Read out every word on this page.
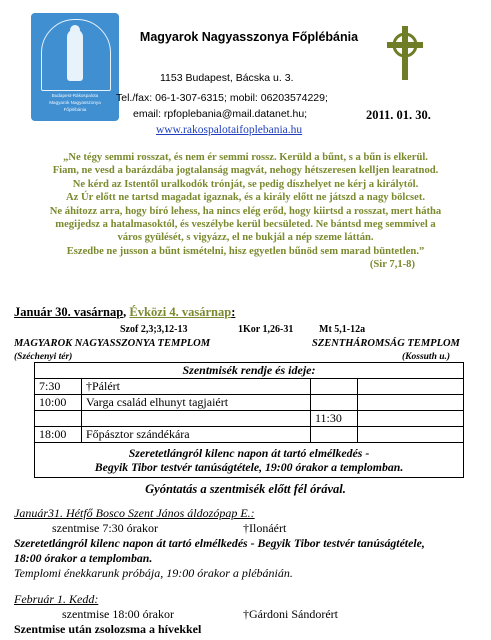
Budapest-Rákospalota
Magyarok Nagyasszonya
Főplébánia
Magyarok Nagyasszonya Főplébánia
1153 Budapest, Bácska u. 3.
Tel./fax: 06-1-307-6315; mobil: 06203574229;
email: rpfoplebania@mail.datanet.hu;
www.rakospalotaifoplebania.hu
2011. 01. 30.
„Ne tégy semmi rosszat, és nem ér semmi rossz. Kerüld a bűnt, s a bűn is elkerül.
Fiam, ne vesd a barázdába jogtalanság magvát, nehogy hétszeresen kelljen learatnod.
Ne kérd az Istentől uralkodók trónját, se pedig díszhelyet ne kérj a királytól.
Az Úr előtt ne tartsd magadat igaznak, és a király előtt ne játszd a nagy bölcset.
Ne áhítozz arra, hogy bíró lehess, ha nincs elég erőd, hogy kiirtsd a rosszat, mert hátha
megijedsz a hatalmasoktól, és veszélybe kerül becsületed. Ne bántsd meg semmivel a
város gyülését, s vigyázz, el ne bukjál a nép szeme láttán.
Eszedbe ne jusson a bűnt ismételni, hisz egyetlen bűnöd sem marad büntetlen.”
(Sir 7,1-8)
Január 30. vasárnap, Évközi 4. vasárnap:
Szof 2,3;3,12-13	1Kor 1,26-31	Mt 5,1-12a
MAGYAROK NAGYASSZONYA TEMPLOM	SZENTHÁROMSÁG TEMPLOM
(Széchenyi tér)	(Kossuth u.)
Szentmisék rendje és ideje:			
7:30	†Pálért		
10:00	Varga család elhunyt tagjaiért		
		11:30	
18:00	Főpásztor szándékára		

Szeretetlángról kilenc napon át tartó elmélkedés -
Begyik Tibor testvér tanúságtétele, 19:00 órakor a templomban.			
Gyóntatás a szentmisék előtt fél órával.
Január31. Hétfő Bosco Szent János áldozópap E.:
szentmise 7:30 órakor	†Ilonáért
Szeretetlángról kilenc napon át tartó elmélkedés - Begyik Tibor testvér tanúságtétele,
18:00 órakor a templomban.
Templomi énekkarunk próbája, 19:00 órakor a plébánián.
Február 1. Kedd:
szentmise 18:00 órakor	†Gárdoni Sándorért
Szentmise után zsolozsma a hívekkel
